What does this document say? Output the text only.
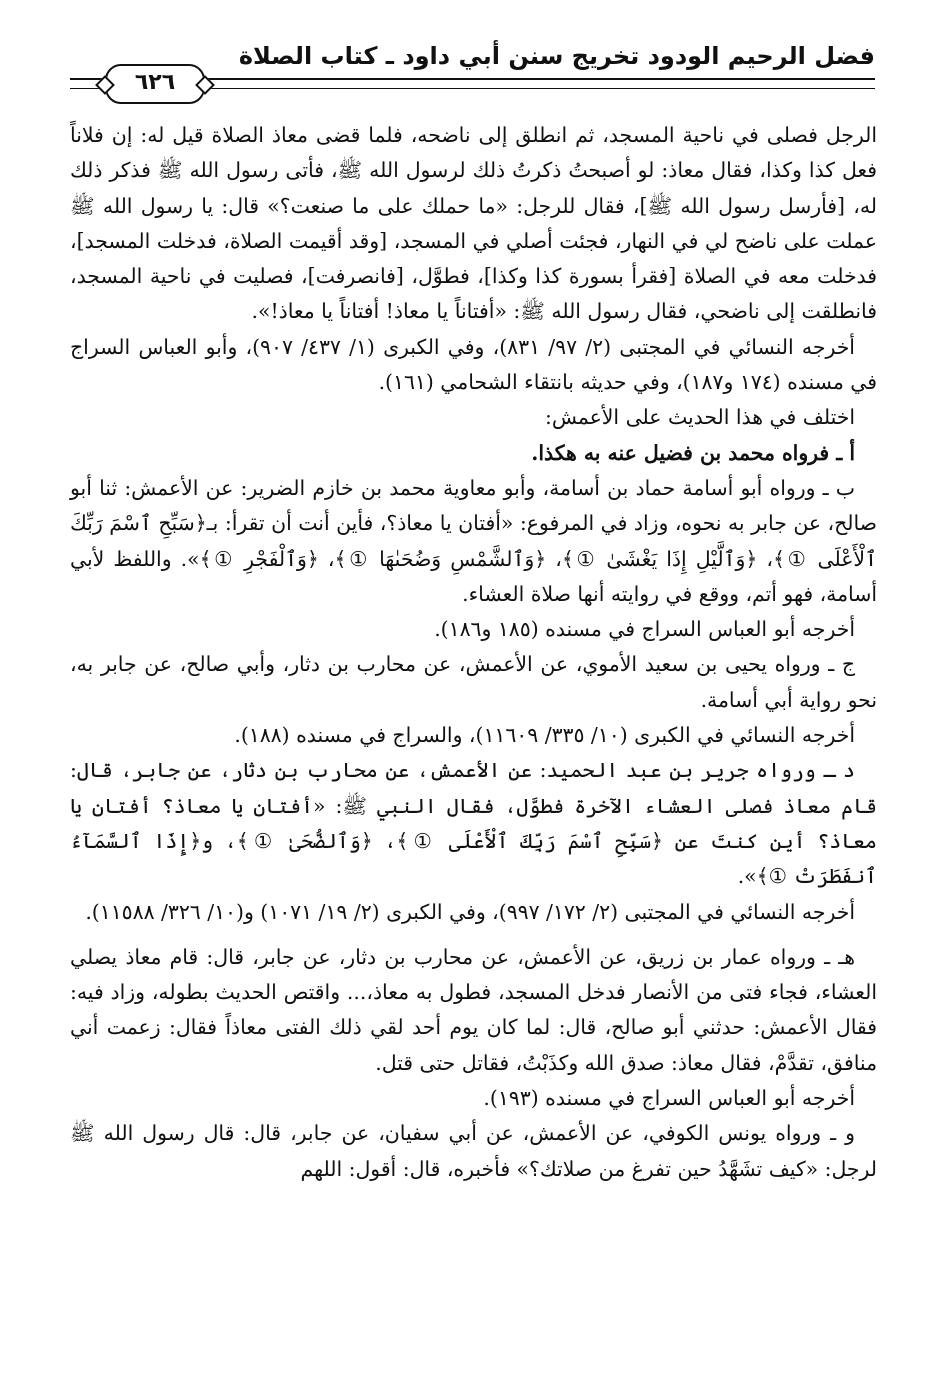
فضل الرحيم الودود تخريج سنن أبي داود ـ كتاب الصلاة
٦٢٦

الرجل فصلى في ناحية المسجد، ثم انطلق إلى ناضحه، فلما قضى معاذ الصلاة قيل له: إن فلاناً فعل كذا وكذا، فقال معاذ: لو أصبحتُ ذكرتُ ذلك لرسول الله ﷺ، فأتى رسول الله ﷺ فذكر ذلك له، [فأرسل رسول الله ﷺ]، فقال للرجل: «ما حملك على ما صنعت؟» قال: يا رسول الله ﷺ عملت على ناضح لي في النهار، فجئت أصلي في المسجد، [وقد أقيمت الصلاة، فدخلت المسجد]، فدخلت معه في الصلاة [فقرأ بسورة كذا وكذا]، فطوَّل، [فانصرفت]، فصليت في ناحية المسجد، فانطلقت إلى ناضحي، فقال رسول الله ﷺ: «أفتاناً يا معاذ! أفتاناً يا معاذ!».

أخرجه النسائي في المجتبى (٢/ ٩٧/ ٨٣١)، وفي الكبرى (١/ ٤٣٧/ ٩٠٧)، وأبو العباس السراج في مسنده (١٧٤ و١٨٧)، وفي حديثه بانتقاء الشحامي (١٦١).

اختلف في هذا الحديث على الأعمش:

أ ـ فرواه محمد بن فضيل عنه به هكذا.

ب ـ ورواه أبو أسامة حماد بن أسامة، وأبو معاوية محمد بن خازم الضرير: عن الأعمش: ثنا أبو صالح، عن جابر به نحوه، وزاد في المرفوع: «أفتان يا معاذ؟، فأين أنت أن تقرأ: بـ﴿سَبِّحِ ٱسْمَ رَبِّكَ ٱلْأَعْلَى ①﴾، ﴿وَٱلَّيْلِ إِذَا يَغْشَىٰ ①﴾، ﴿وَٱلشَّمْسِ وَضُحَىٰهَا ①﴾، ﴿وَٱلْفَجْرِ ①﴾». واللفظ لأبي أسامة، فهو أتم، ووقع في روايته أنها صلاة العشاء.

أخرجه أبو العباس السراج في مسنده (١٨٥ و١٨٦).

ج ـ ورواه يحيى بن سعيد الأموي، عن الأعمش، عن محارب بن دثار، وأبي صالح، عن جابر به، نحو رواية أبي أسامة.

أخرجه النسائي في الكبرى (١٠/ ٣٣٥/ ١١٦٠٩)، والسراج في مسنده (١٨٨).

د ـ ورواه جرير بن عبد الحميد: عن الأعمش، عن محارب بن دثار، عن جابر، قال: قام معاذ فصلى العشاء الآخرة فطوَّل، فقال النبي ﷺ: «أفتان يا معاذ؟ أفتان يا معاذ؟ أين كنتَ عن ﴿سَبِّحِ ٱسْمَ رَبِّكَ ٱلْأَعْلَى ①﴾، ﴿وَٱلضُّحَىٰ ①﴾، و﴿إِذَا ٱلسَّمَآءُ ٱنفَطَرَتْ ①﴾».

أخرجه النسائي في المجتبى (٢/ ١٧٢/ ٩٩٧)، وفي الكبرى (٢/ ١٩/ ١٠٧١) و(١٠/ ٣٢٦/ ١١٥٨٨).

هـ ـ ورواه عمار بن زريق، عن الأعمش، عن محارب بن دثار، عن جابر، قال: قام معاذ يصلي العشاء، فجاء فتى من الأنصار فدخل المسجد، فطول به معاذ،... واقتص الحديث بطوله، وزاد فيه: فقال الأعمش: حدثني أبو صالح، قال: لما كان يوم أحد لقي ذلك الفتى معاذاً فقال: زعمت أني منافق، تقدَّمْ، فقال معاذ: صدق الله وكذَبْتُ، فقاتل حتى قتل.

أخرجه أبو العباس السراج في مسنده (١٩٣).

و ـ ورواه يونس الكوفي، عن الأعمش، عن أبي سفيان، عن جابر، قال: قال رسول الله ﷺ لرجل: «كيف تشَهَّدُ حين تفرغ من صلاتك؟» فأخبره، قال: أقول: اللهم
